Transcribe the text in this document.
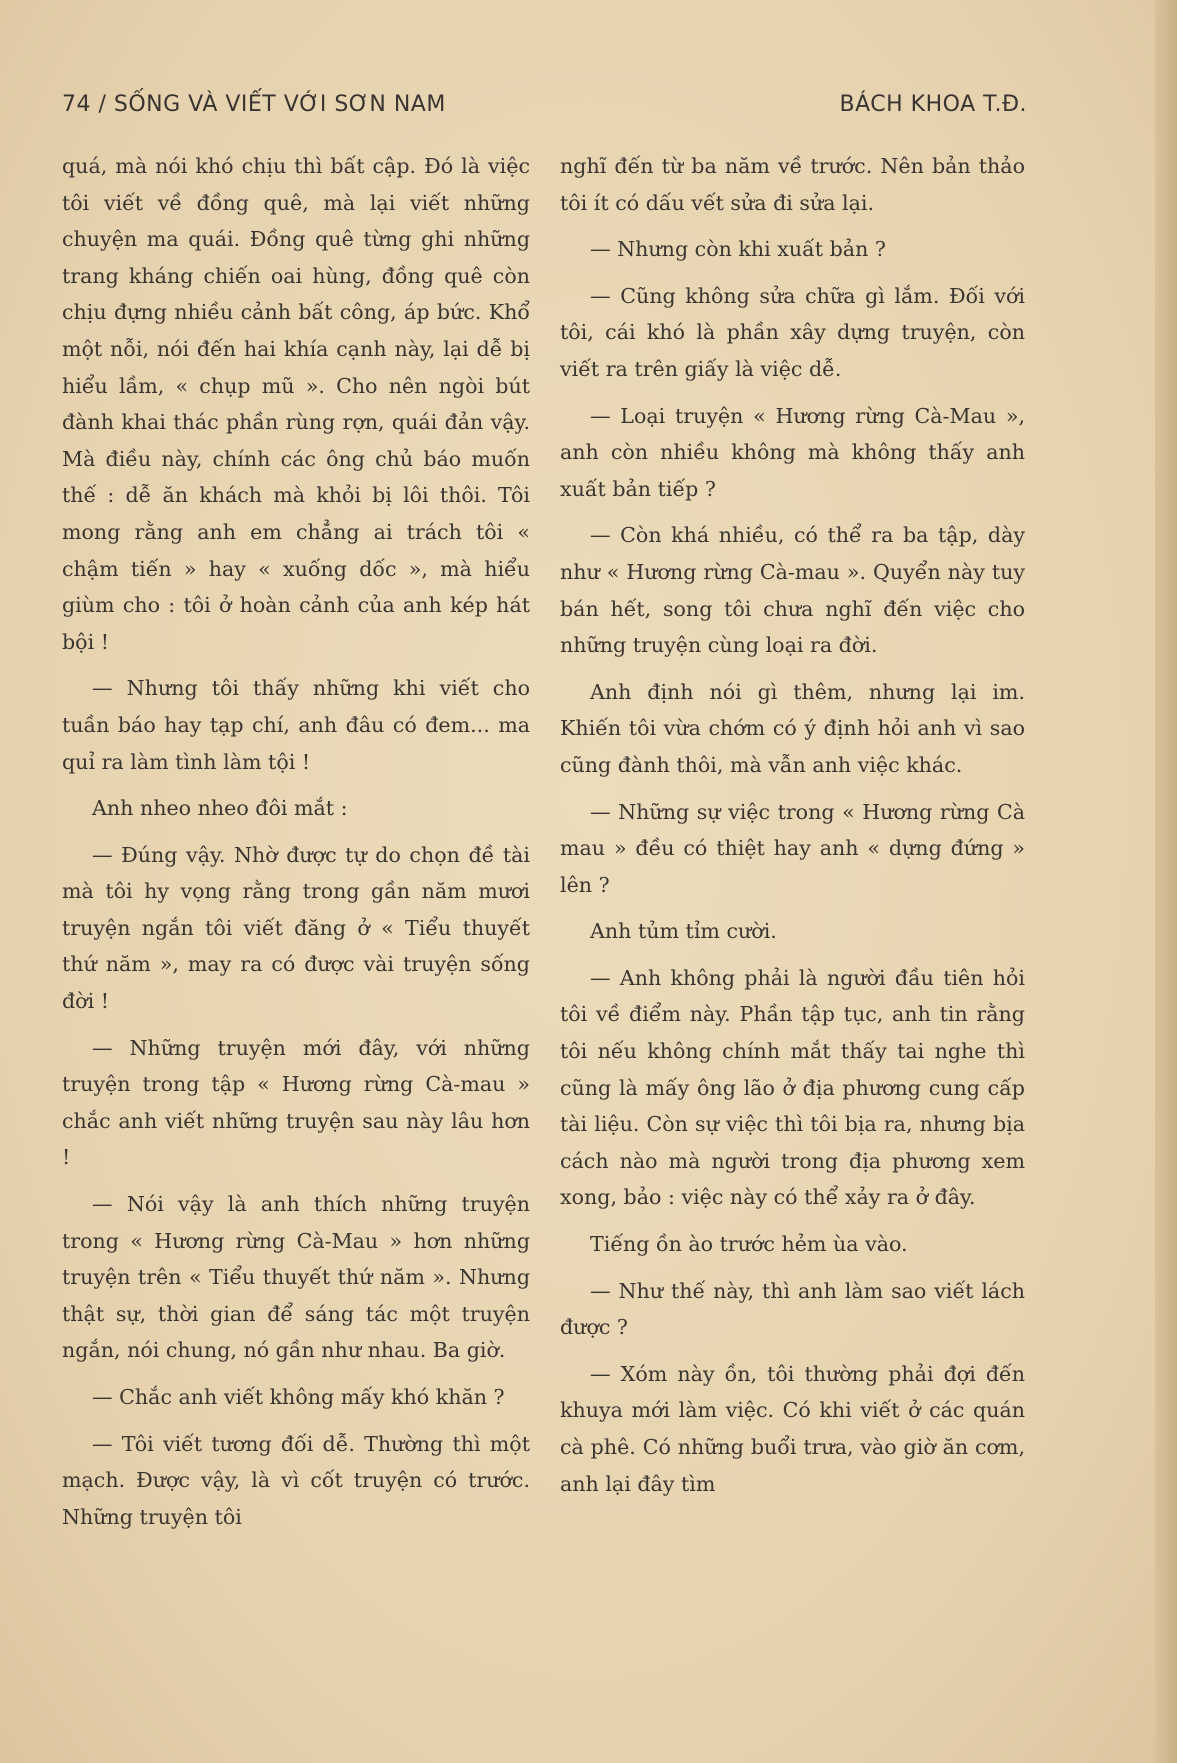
74 / SỐNG VÀ VIẾT VỚI SƠN NAM	BÁCH KHOA T.Đ.

quá, mà nói khó chịu thì bất cập. Đó là việc tôi viết về đồng quê, mà lại viết những chuyện ma quái. Đồng quê từng ghi những trang kháng chiến oai hùng, đồng quê còn chịu đựng nhiều cảnh bất công, áp bức. Khổ một nỗi, nói đến hai khía cạnh này, lại dễ bị hiểu lầm, « chụp mũ ». Cho nên ngòi bút đành khai thác phần rùng rợn, quái đản vậy. Mà điều này, chính các ông chủ báo muốn thế : dễ ăn khách mà khỏi bị lôi thôi. Tôi mong rằng anh em chẳng ai trách tôi « chậm tiến » hay « xuống dốc », mà hiểu giùm cho : tôi ở hoàn cảnh của anh kép hát bội !

— Nhưng tôi thấy những khi viết cho tuần báo hay tạp chí, anh đâu có đem... ma quỉ ra làm tình làm tội !

Anh nheo nheo đôi mắt :

— Đúng vậy. Nhờ được tự do chọn đề tài mà tôi hy vọng rằng trong gần năm mươi truyện ngắn tôi viết đăng ở « Tiểu thuyết thứ năm », may ra có được vài truyện sống đời !

— Những truyện mới đây, với những truyện trong tập « Hương rừng Cà-mau » chắc anh viết những truyện sau này lâu hơn !

— Nói vậy là anh thích những truyện trong « Hương rừng Cà-Mau » hơn những truyện trên « Tiểu thuyết thứ năm ». Nhưng thật sự, thời gian để sáng tác một truyện ngắn, nói chung, nó gần như nhau. Ba giờ.

— Chắc anh viết không mấy khó khăn ?

— Tôi viết tương đối dễ. Thường thì một mạch. Được vậy, là vì cốt truyện có trước. Những truyện tôi

nghĩ đến từ ba năm về trước. Nên bản thảo tôi ít có dấu vết sửa đi sửa lại.

— Nhưng còn khi xuất bản ?

— Cũng không sửa chữa gì lắm. Đối với tôi, cái khó là phần xây dựng truyện, còn viết ra trên giấy là việc dễ.

— Loại truyện « Hương rừng Cà-Mau », anh còn nhiều không mà không thấy anh xuất bản tiếp ?

— Còn khá nhiều, có thể ra ba tập, dày như « Hương rừng Cà-mau ». Quyển này tuy bán hết, song tôi chưa nghĩ đến việc cho những truyện cùng loại ra đời.

Anh định nói gì thêm, nhưng lại im. Khiến tôi vừa chớm có ý định hỏi anh vì sao cũng đành thôi, mà vẫn anh việc khác.

— Những sự việc trong « Hương rừng Cà mau » đều có thiệt hay anh « dựng đứng » lên ?

Anh tủm tỉm cười.

— Anh không phải là người đầu tiên hỏi tôi về điểm này. Phần tập tục, anh tin rằng tôi nếu không chính mắt thấy tai nghe thì cũng là mấy ông lão ở địa phương cung cấp tài liệu. Còn sự việc thì tôi bịa ra, nhưng bịa cách nào mà người trong địa phương xem xong, bảo : việc này có thể xảy ra ở đây.

Tiếng ồn ào trước hẻm ùa vào.

— Như thế này, thì anh làm sao viết lách được ?

— Xóm này ồn, tôi thường phải đợi đến khuya mới làm việc. Có khi viết ở các quán cà phê. Có những buổi trưa, vào giờ ăn cơm, anh lại đây tìm
